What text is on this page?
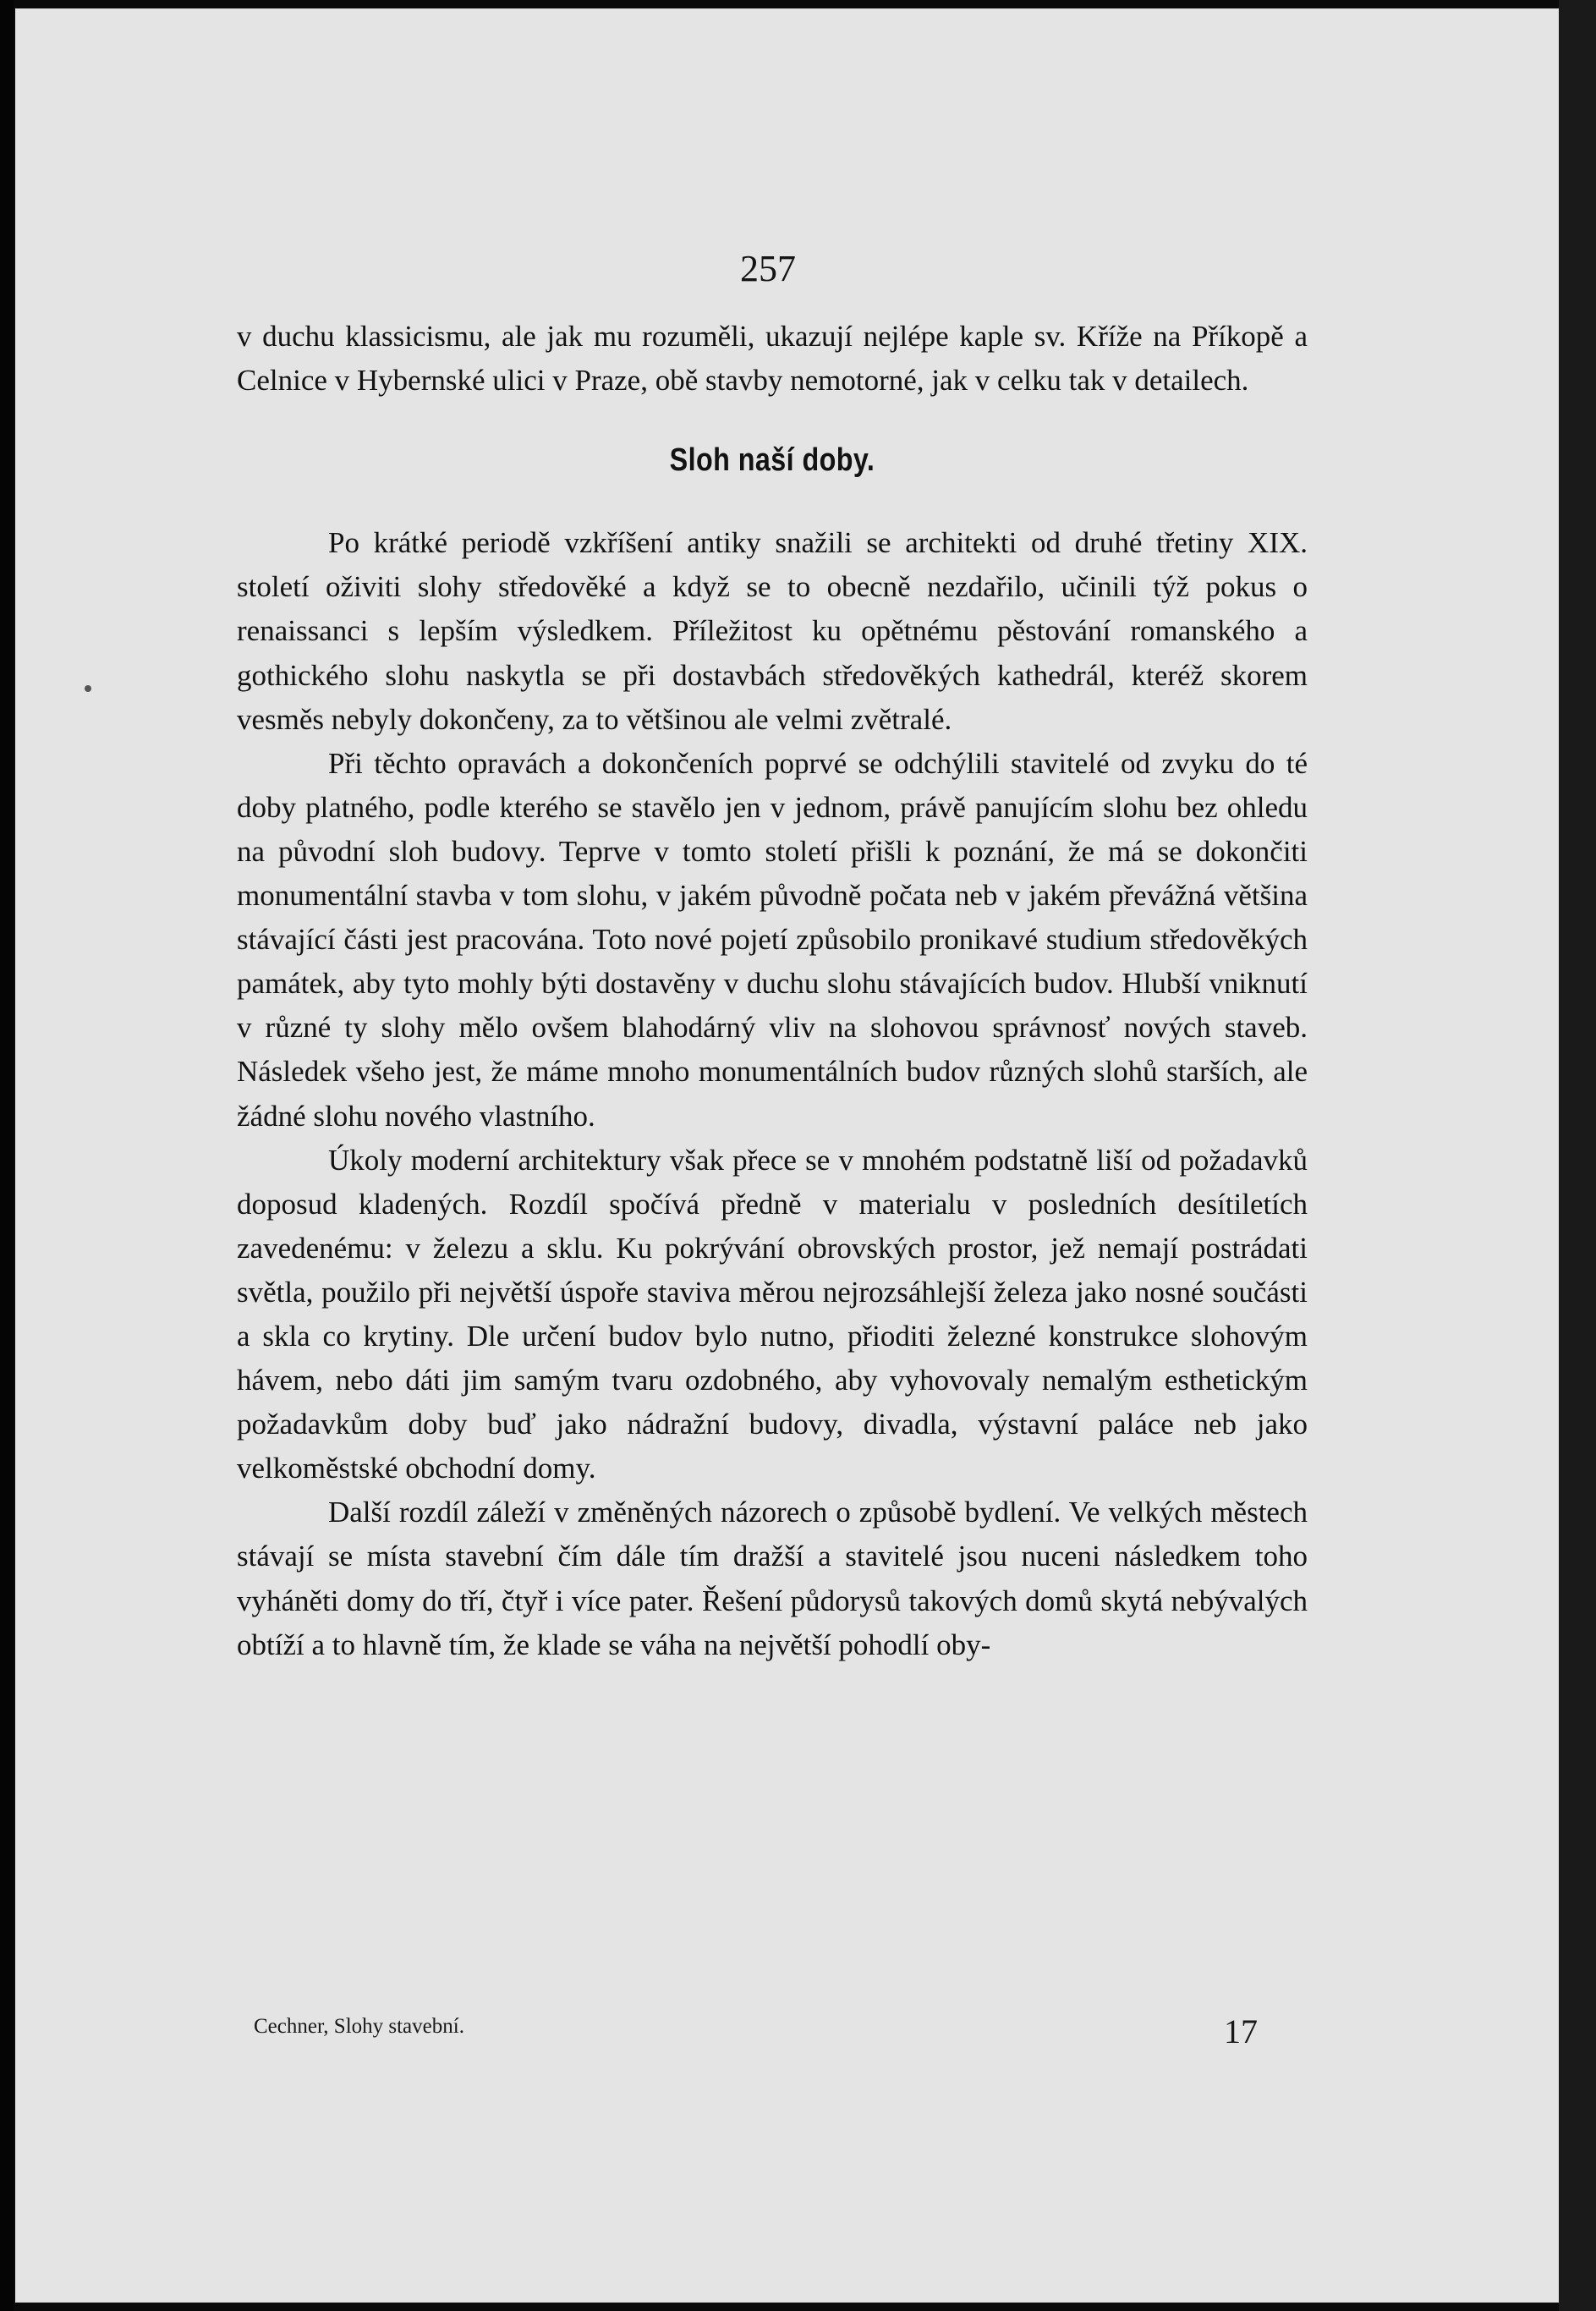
257

v duchu klassicismu, ale jak mu rozuměli, ukazují nejlépe kaple sv. Kříže na Příkopě a Celnice v Hybernské ulici v Praze, obě stavby nemotorné, jak v celku tak v detailech.

Sloh naší doby.

Po krátké periodě vzkříšení antiky snažili se architekti od druhé třetiny XIX. století oživiti slohy středověké a když se to obecně nezdařilo, učinili týž pokus o renaissanci s lepším výsledkem. Příležitost ku opětnému pěstování romanského a gothického slohu naskytla se při dostavbách středověkých kathedrál, kteréž skorem vesměs nebyly dokončeny, za to většinou ale velmi zvětralé.

Při těchto opravách a dokončeních poprvé se odchýlili stavitelé od zvyku do té doby platného, podle kterého se stavělo jen v jednom, právě panujícím slohu bez ohledu na původní sloh budovy. Teprve v tomto století přišli k poznání, že má se dokončiti monumentální stavba v tom slohu, v jakém původně počata neb v jakém převážná většina stávající části jest pracována. Toto nové pojetí způsobilo pronikavé studium středověkých památek, aby tyto mohly býti dostavěny v duchu slohu stávajících budov. Hlubší vniknutí v různé ty slohy mělo ovšem blahodárný vliv na slohovou správnosť nových staveb. Následek všeho jest, že máme mnoho monumentálních budov různých slohů starších, ale žádné slohu nového vlastního.

Úkoly moderní architektury však přece se v mnohém podstatně liší od požadavků doposud kladených. Rozdíl spočívá předně v materialu v posledních desítiletích zavedenému: v železu a sklu. Ku pokrývání obrovských prostor, jež nemají postrádati světla, použilo při největší úspoře staviva měrou nejrozsáhlejší železa jako nosné součásti a skla co krytiny. Dle určení budov bylo nutno, přioditi železné konstrukce slohovým hávem, nebo dáti jim samým tvaru ozdobného, aby vyhovovaly nemalým esthetickým požadavkům doby buď jako nádražní budovy, divadla, výstavní paláce neb jako velkoměstské obchodní domy.

Další rozdíl záleží v změněných názorech o způsobě bydlení. Ve velkých městech stávají se místa stavební čím dále tím dražší a stavitelé jsou nuceni následkem toho vyháněti domy do tří, čtyř i více pater. Řešení půdorysů takových domů skytá nebývalých obtíží a to hlavně tím, že klade se váha na největší pohodlí oby-

Cechner, Slohy stavební.	17
